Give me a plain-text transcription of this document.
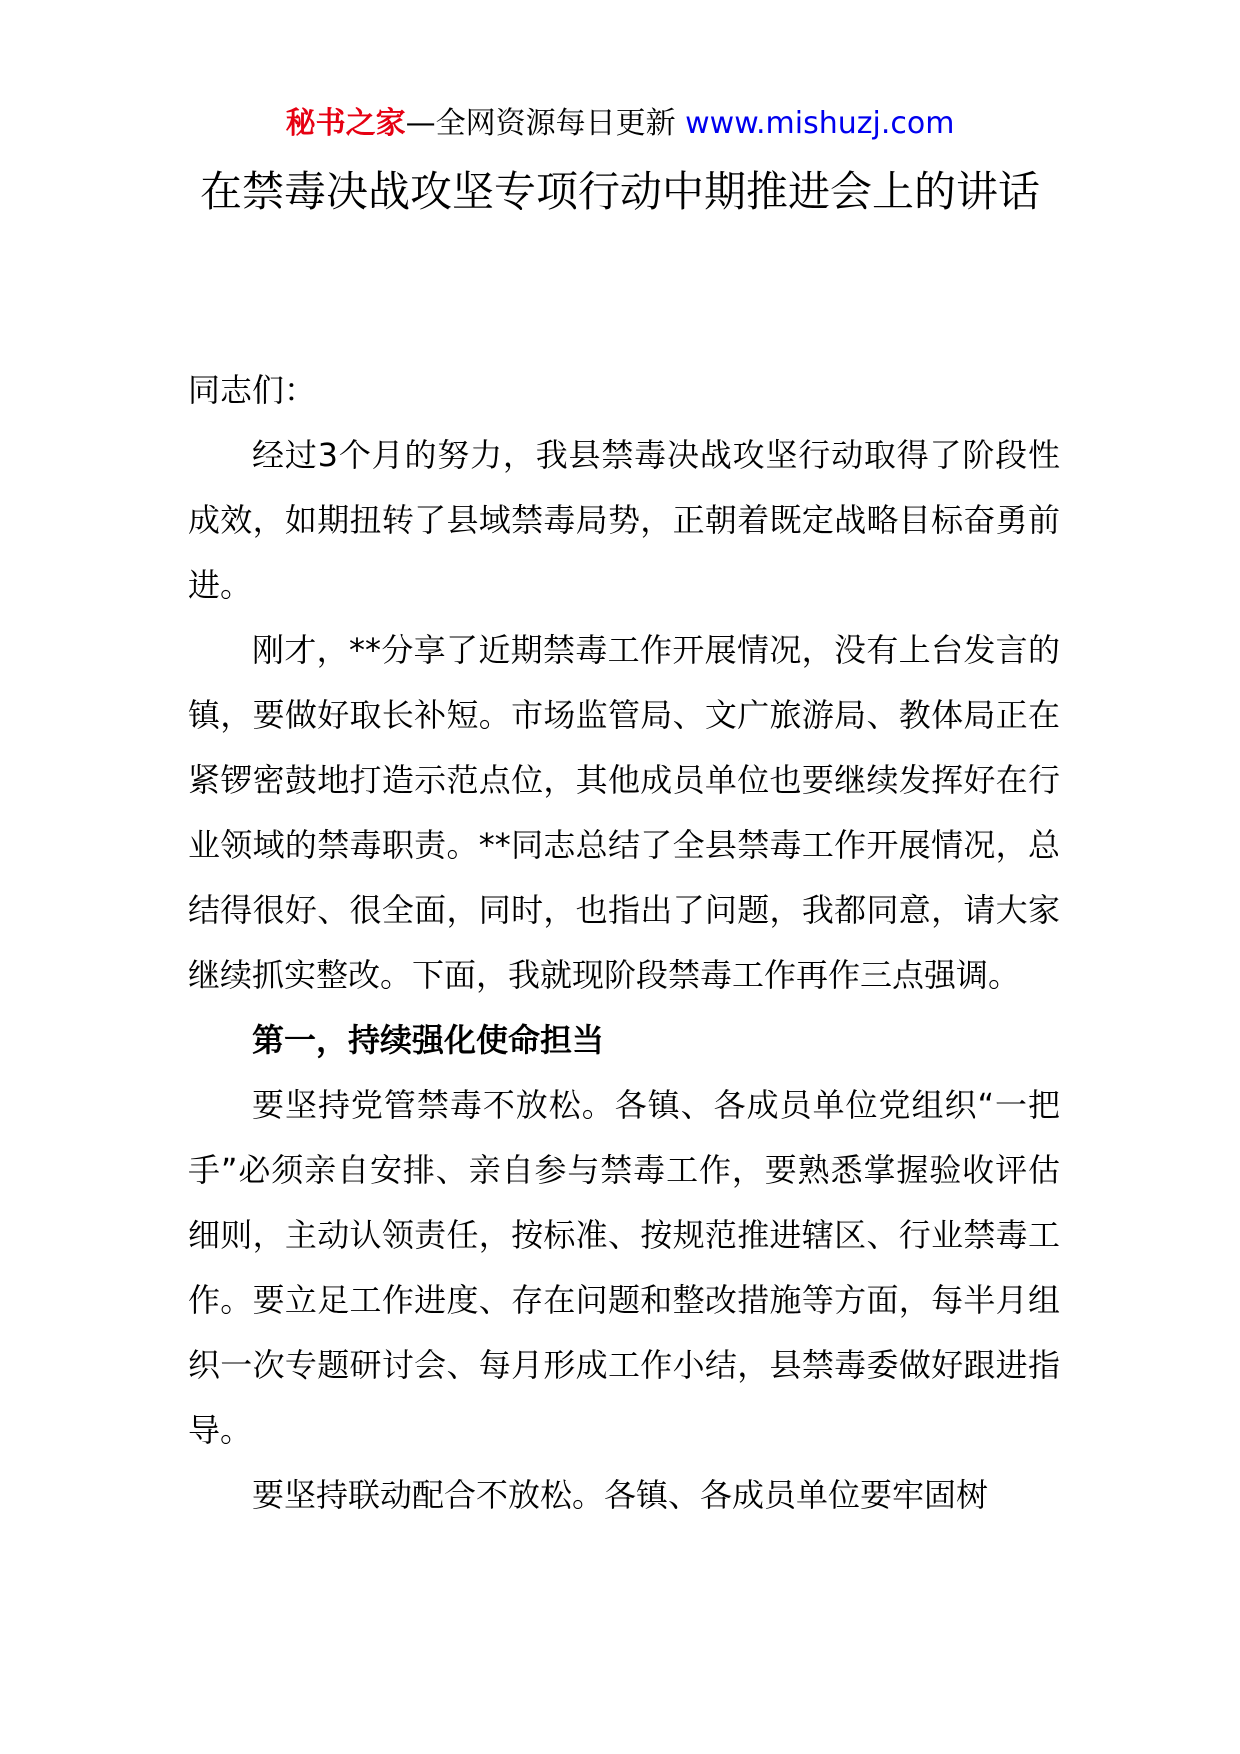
秘书之家—全网资源每日更新 www.mishuzj.com
在禁毒决战攻坚专项行动中期推进会上的讲话

同志们：

经过3个月的努力，我县禁毒决战攻坚行动取得了阶段性成效，如期扭转了县域禁毒局势，正朝着既定战略目标奋勇前进。

刚才，**分享了近期禁毒工作开展情况，没有上台发言的镇，要做好取长补短。市场监管局、文广旅游局、教体局正在紧锣密鼓地打造示范点位，其他成员单位也要继续发挥好在行业领域的禁毒职责。**同志总结了全县禁毒工作开展情况，总结得很好、很全面，同时，也指出了问题，我都同意，请大家继续抓实整改。下面，我就现阶段禁毒工作再作三点强调。

第一，持续强化使命担当

要坚持党管禁毒不放松。各镇、各成员单位党组织“一把手”必须亲自安排、亲自参与禁毒工作，要熟悉掌握验收评估细则，主动认领责任，按标准、按规范推进辖区、行业禁毒工作。要立足工作进度、存在问题和整改措施等方面，每半月组织一次专题研讨会、每月形成工作小结，县禁毒委做好跟进指导。

要坚持联动配合不放松。各镇、各成员单位要牢固树
